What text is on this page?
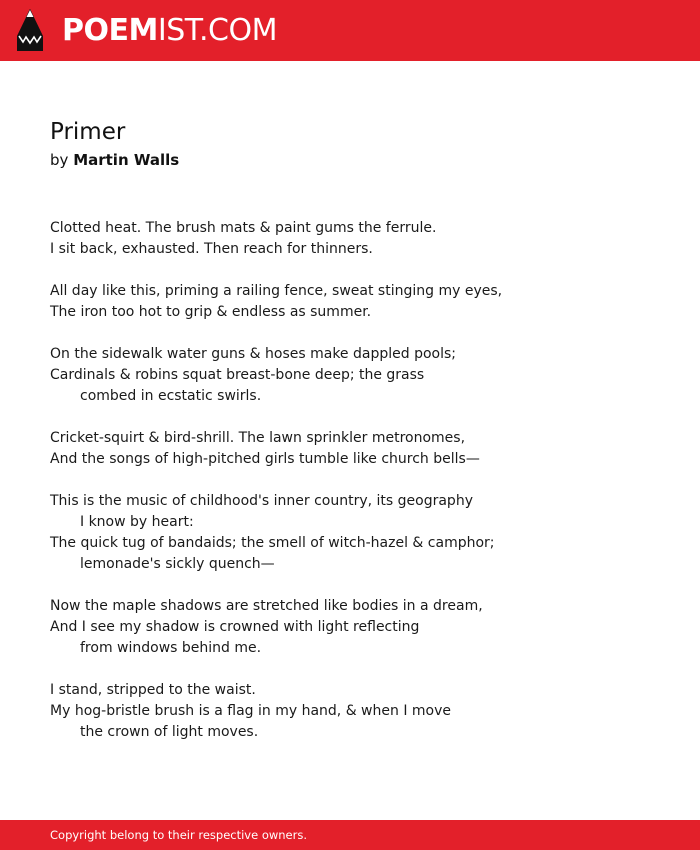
POEMIST.COM
Primer
by Martin Walls
Clotted heat. The brush mats & paint gums the ferrule.
I sit back, exhausted. Then reach for thinners.
All day like this, priming a railing fence, sweat stinging my eyes,
The iron too hot to grip & endless as summer.
On the sidewalk water guns & hoses make dappled pools;
Cardinals & robins squat breast-bone deep; the grass
combed in ecstatic swirls.
Cricket-squirt & bird-shrill. The lawn sprinkler metronomes,
And the songs of high-pitched girls tumble like church bells—
This is the music of childhood's inner country, its geography
I know by heart:
The quick tug of bandaids; the smell of witch-hazel & camphor;
lemonade's sickly quench—
Now the maple shadows are stretched like bodies in a dream,
And I see my shadow is crowned with light reflecting
from windows behind me.
I stand, stripped to the waist.
My hog-bristle brush is a flag in my hand, & when I move
the crown of light moves.
Copyright belong to their respective owners.
